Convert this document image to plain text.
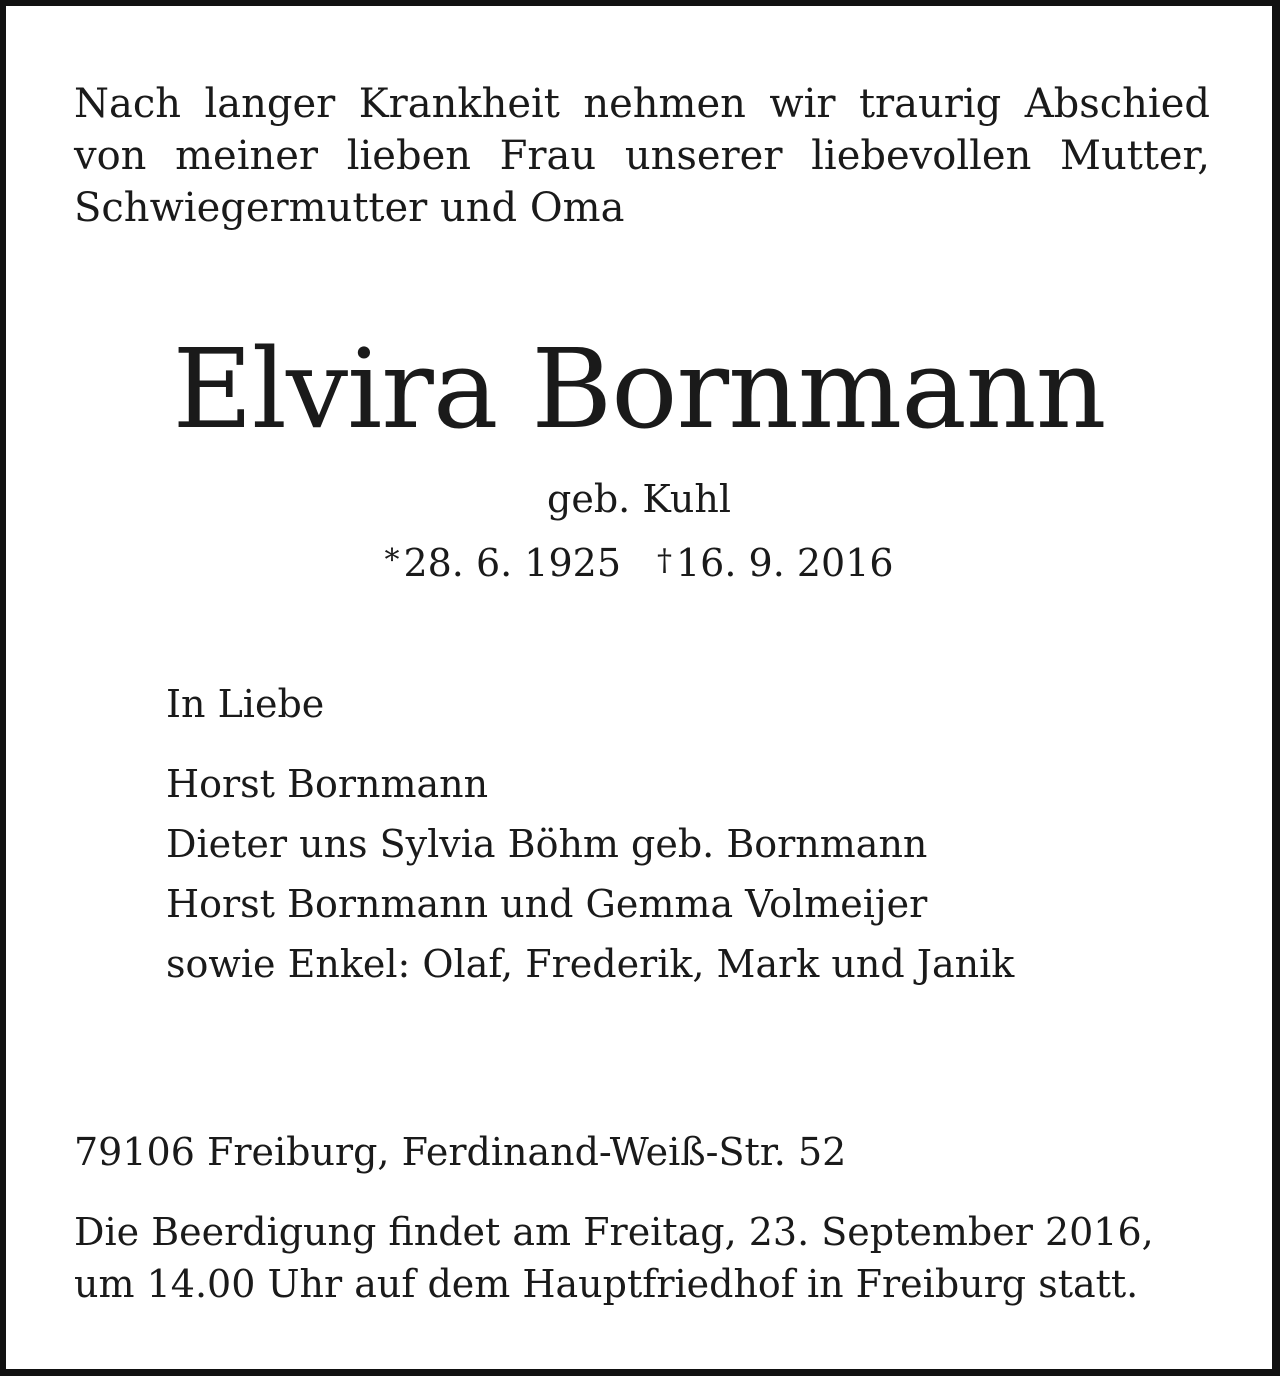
Nach langer Krankheit nehmen wir traurig Abschied
von meiner lieben Frau unserer liebevollen Mutter,
Schwiegermutter und Oma
Elvira Bornmann
geb. Kuhl
* 28. 6. 1925 † 16. 9. 2016
In Liebe
Horst Bornmann
Dieter uns Sylvia Böhm geb. Bornmann
Horst Bornmann und Gemma Volmeijer
sowie Enkel: Olaf, Frederik, Mark und Janik
79106 Freiburg, Ferdinand-Weiß-Str. 52
Die Beerdigung findet am Freitag, 23. September 2016,
um 14.00 Uhr auf dem Hauptfriedhof in Freiburg statt.
